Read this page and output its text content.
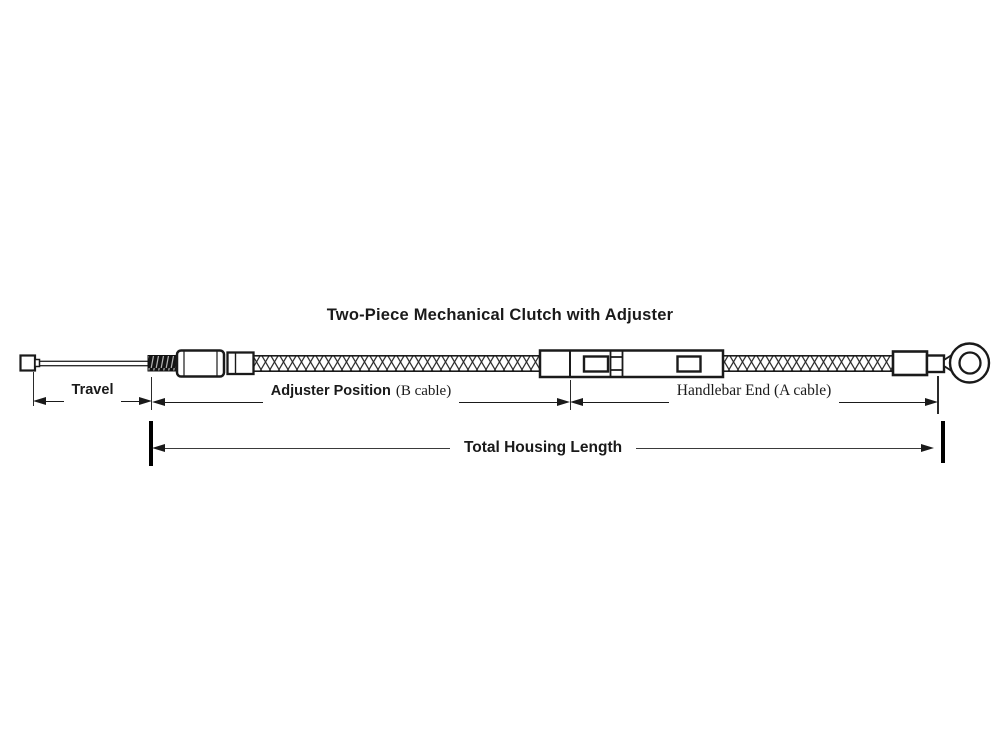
Two-Piece Mechanical Clutch with Adjuster
Travel	Adjuster Position (B cable)	Handlebar End (A cable)
Total Housing Length
